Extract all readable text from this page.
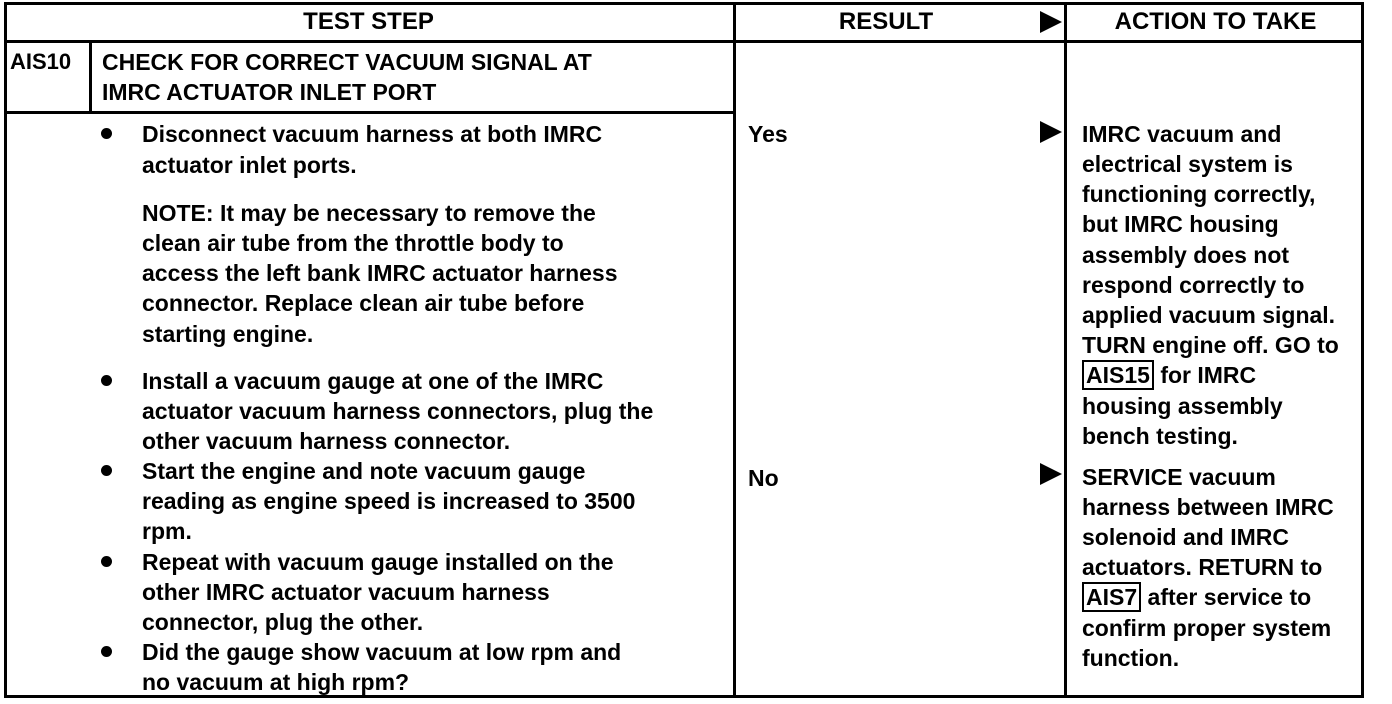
TEST STEP	RESULT	ACTION TO TAKE
AIS10 CHECK FOR CORRECT VACUUM SIGNAL AT
IMRC ACTUATOR INLET PORT
Disconnect vacuum harness at both IMRC
actuator inlet ports.
NOTE: It may be necessary to remove the
clean air tube from the throttle body to
access the left bank IMRC actuator harness
connector. Replace clean air tube before
starting engine.
Install a vacuum gauge at one of the IMRC
actuator vacuum harness connectors, plug the
other vacuum harness connector.
Start the engine and note vacuum gauge
reading as engine speed is increased to 3500
rpm.
Repeat with vacuum gauge installed on the
other IMRC actuator vacuum harness
connector, plug the other.
Did the gauge show vacuum at low rpm and
no vacuum at high rpm?
Yes
No
IMRC vacuum and
electrical system is
functioning correctly,
but IMRC housing
assembly does not
respond correctly to
applied vacuum signal.
TURN engine off. GO to
AIS15 for IMRC
housing assembly
bench testing.
SERVICE vacuum
harness between IMRC
solenoid and IMRC
actuators. RETURN to
AIS7 after service to
confirm proper system
function.
